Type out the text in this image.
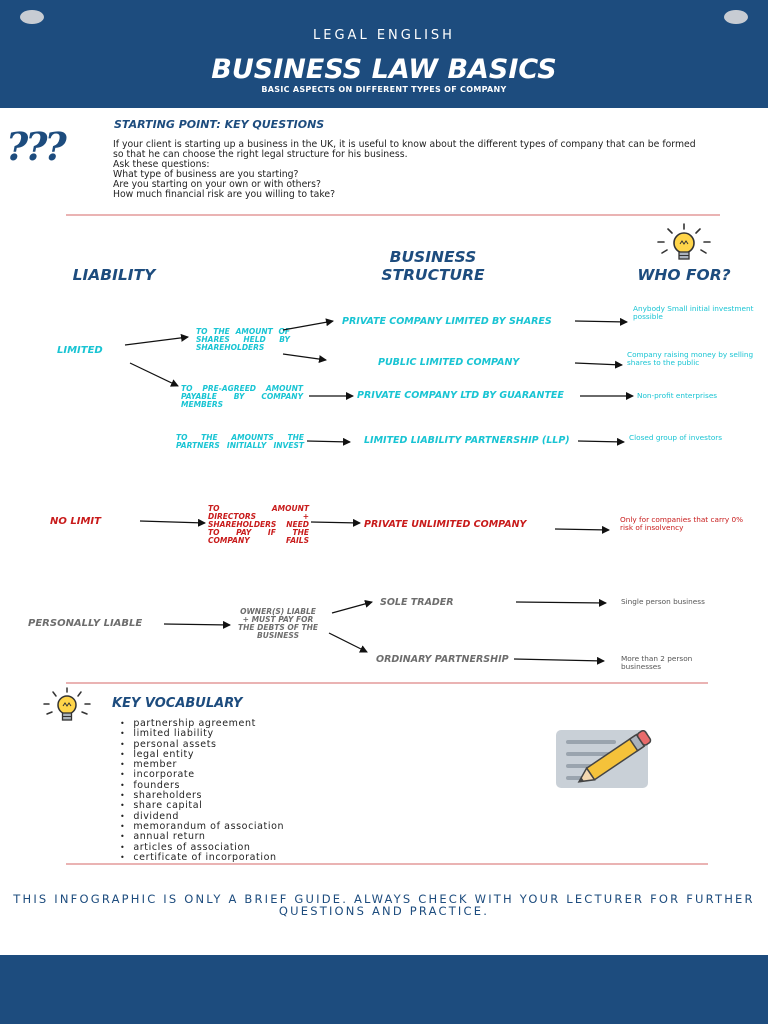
LEGAL ENGLISH
BUSINESS LAW BASICS
BASIC ASPECTS ON DIFFERENT TYPES OF COMPANY
???	STARTING POINT: KEY QUESTIONS

If your client is starting up a business in the UK, it is useful to know about the different types of company that can be formed so that he can choose the right legal structure for his business.

Ask these questions:

What type of business are you starting?

Are you starting on your own or with others?

How much financial risk are you willing to take?

LIABILITY
BUSINESS
STRUCTURE	WHO FOR?
LIMITED
TO THE AMOUNT OF SHARES HELD BY SHAREHOLDERS
TO PRE-AGREED AMOUNT PAYABLE BY COMPANY MEMBERS
TO THE AMOUNTS THE PARTNERS INITIALLY INVEST
PRIVATE COMPANY LIMITED BY SHARES
PUBLIC LIMITED COMPANY
PRIVATE COMPANY LTD BY GUARANTEE
LIMITED LIABILITY PARTNERSHIP (LLP)
Anybody Small initial investment possible
Company raising money by selling shares to the public
Non-profit enterprises
Closed group of investors
NO LIMIT
TO AMOUNT DIRECTORS + SHAREHOLDERS NEED TO PAY IF THE COMPANY FAILS
PRIVATE UNLIMITED COMPANY	Only for companies that carry 0% risk of insolvency
PERSONALLY LIABLE
OWNER(S) LIABLE + MUST PAY FOR THE DEBTS OF THE BUSINESS
SOLE TRADER
ORDINARY PARTNERSHIP
Single person business
More than 2 person businesses
KEY VOCABULARY
• partnership agreement
• limited liability
• personal assets
• legal entity
• member
• incorporate
• founders
• shareholders
• share capital
• dividend
• memorandum of association
• annual return
• articles of association
• certificate of incorporation
THIS INFOGRAPHIC IS ONLY A BRIEF GUIDE. ALWAYS CHECK WITH YOUR LECTURER FOR FURTHER QUESTIONS AND PRACTICE.
